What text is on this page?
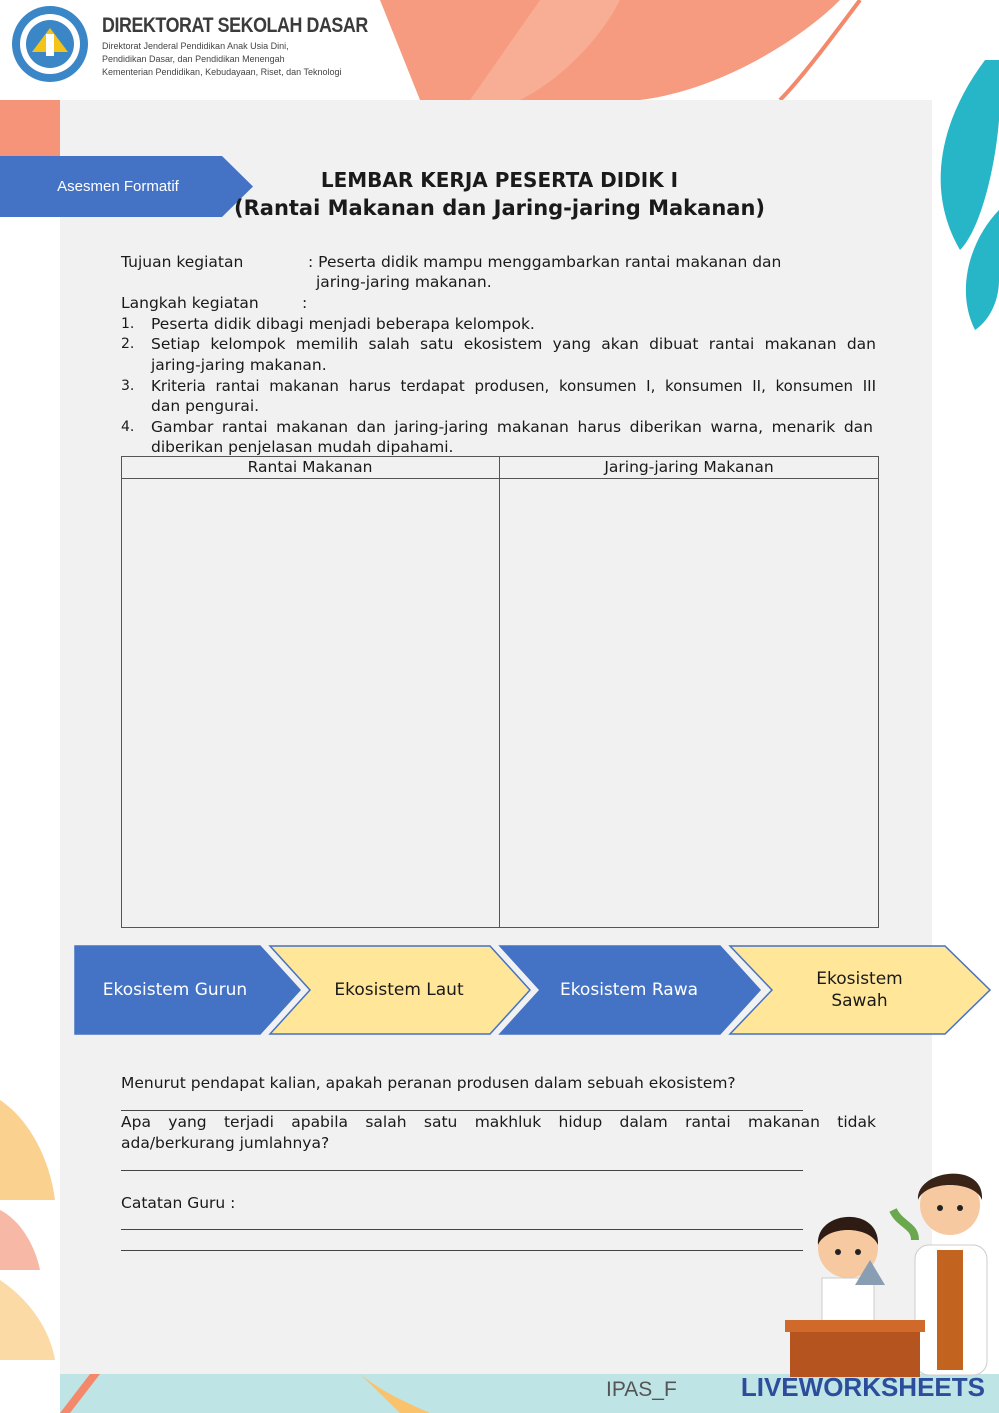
DIREKTORAT SEKOLAH DASAR
Direktorat Jenderal Pendidikan Anak Usia Dini,
Pendidikan Dasar, dan Pendidikan Menengah
Kementerian Pendidikan, Kebudayaan, Riset, dan Teknologi
Asesmen Formatif	LEMBAR KERJA PESERTA DIDIK I
(Rantai Makanan dan Jaring-jaring Makanan)
Tujuan kegiatan	: Peserta didik mampu menggambarkan rantai makanan dan
jaring-jaring makanan.
Langkah kegiatan	:
1. Peserta didik dibagi menjadi beberapa kelompok.
2. Setiap kelompok memilih salah satu ekosistem yang akan dibuat rantai makanan dan
jaring-jaring makanan.
3. Kriteria rantai makanan harus terdapat produsen, konsumen I, konsumen II, konsumen III
dan pengurai.
4. Gambar rantai makanan dan jaring-jaring makanan harus diberikan warna, menarik dan
diberikan penjelasan mudah dipahami.
Rantai Makanan	Jaring-jaring Makanan
Ekosistem Gurun	Ekosistem Laut	Ekosistem Rawa
Ekosistem
Sawah
Menurut pendapat kalian, apakah peranan produsen dalam sebuah ekosistem?
Apa yang terjadi apabila salah satu makhluk hidup dalam rantai makanan tidak
ada/berkurang jumlahnya?
Catatan Guru :
IPAS_F LIVEWORKSHEETS
